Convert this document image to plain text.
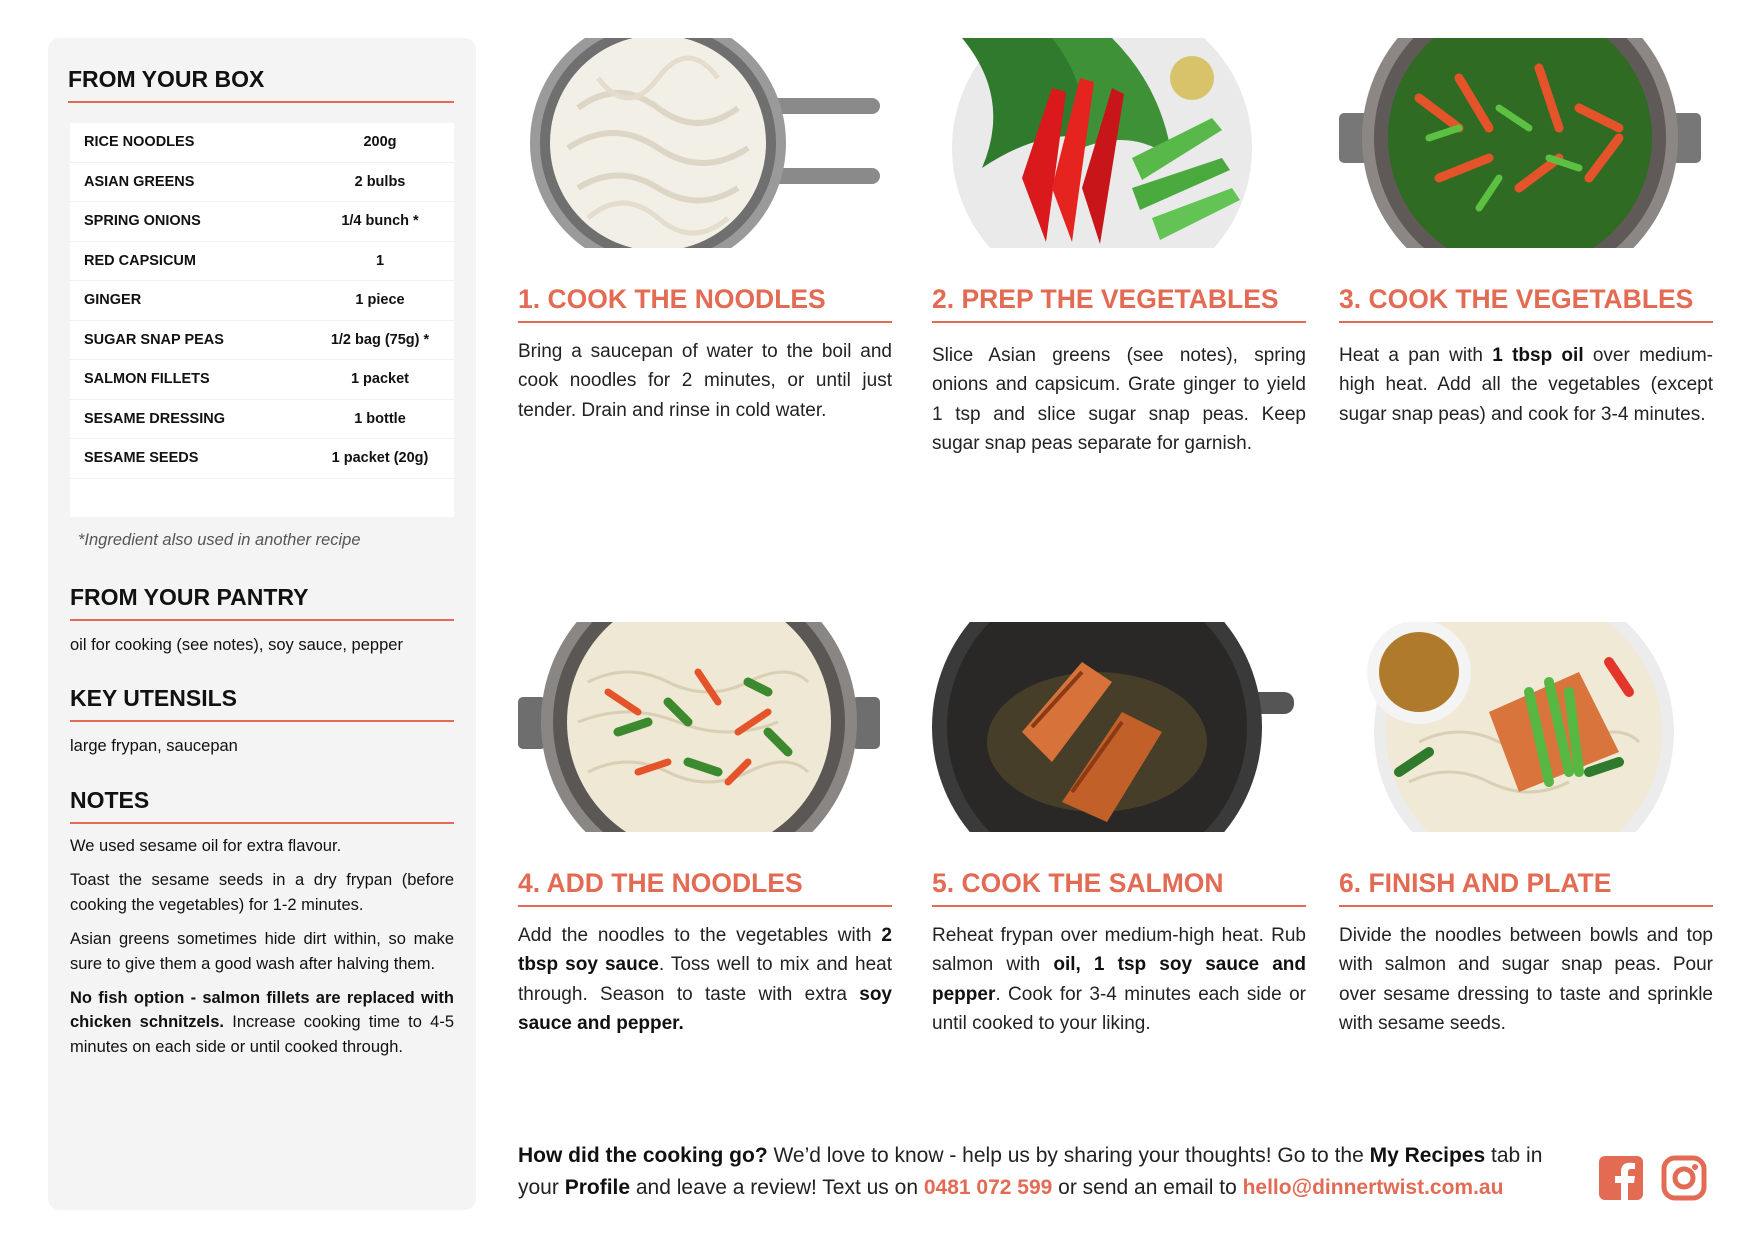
FROM YOUR BOX
RICE NOODLES	200g
ASIAN GREENS	2 bulbs
SPRING ONIONS	1/4 bunch *
RED CAPSICUM	1
GINGER	1 piece
SUGAR SNAP PEAS	1/2 bag (75g) *
SALMON FILLETS	1 packet
SESAME DRESSING	1 bottle
SESAME SEEDS	1 packet (20g)

*Ingredient also used in another recipe

FROM YOUR PANTRY

oil for cooking (see notes), soy sauce, pepper

KEY UTENSILS

large frypan, saucepan

NOTES

We used sesame oil for extra flavour.

Toast the sesame seeds in a dry frypan (before cooking the vegetables) for 1-2 minutes.

Asian greens sometimes hide dirt within, so make sure to give them a good wash after halving them.

No fish option - salmon fillets are replaced with chicken schnitzels. Increase cooking time to 4-5 minutes on each side or until cooked through.

1. COOK THE NOODLES

Bring a saucepan of water to the boil and cook noodles for 2 minutes, or until just tender. Drain and rinse in cold water.

2. PREP THE VEGETABLES

Slice Asian greens (see notes), spring onions and capsicum. Grate ginger to yield 1 tsp and slice sugar snap peas. Keep sugar snap peas separate for garnish.

3. COOK THE VEGETABLES

Heat a pan with 1 tbsp oil over medium-high heat. Add all the vegetables (except sugar snap peas) and cook for 3-4 minutes.

4. ADD THE NOODLES

Add the noodles to the vegetables with 2 tbsp soy sauce. Toss well to mix and heat through. Season to taste with extra soy sauce and pepper.

5. COOK THE SALMON

Reheat frypan over medium-high heat. Rub salmon with oil, 1 tsp soy sauce and pepper. Cook for 3-4 minutes each side or until cooked to your liking.

6. FINISH AND PLATE

Divide the noodles between bowls and top with salmon and sugar snap peas. Pour over sesame dressing to taste and sprinkle with sesame seeds.

How did the cooking go? We’d love to know - help us by sharing your thoughts! Go to the My Recipes tab in your Profile and leave a review! Text us on 0481 072 599 or send an email to hello@dinnertwist.com.au
